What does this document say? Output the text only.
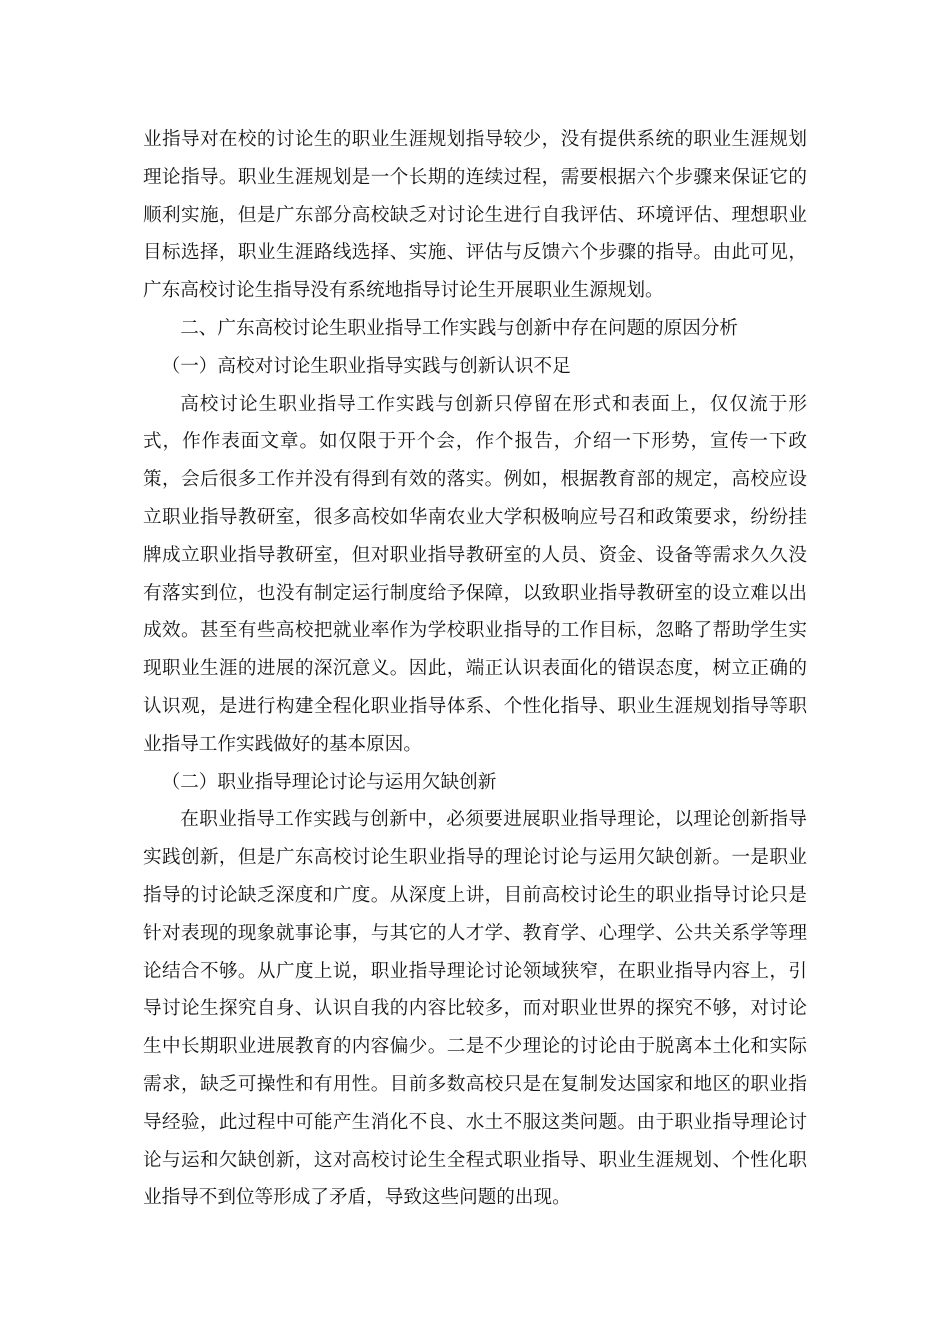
业指导对在校的讨论生的职业生涯规划指导较少，没有提供系统的职业生涯规划理论指导。职业生涯规划是一个长期的连续过程，需要根据六个步骤来保证它的顺利实施，但是广东部分高校缺乏对讨论生进行自我评估、环境评估、理想职业目标选择，职业生涯路线选择、实施、评估与反馈六个步骤的指导。由此可见，广东高校讨论生指导没有系统地指导讨论生开展职业生源规划。

二、广东高校讨论生职业指导工作实践与创新中存在问题的原因分析

（一）高校对讨论生职业指导实践与创新认识不足

高校讨论生职业指导工作实践与创新只停留在形式和表面上，仅仅流于形式，作作表面文章。如仅限于开个会，作个报告，介绍一下形势，宣传一下政策，会后很多工作并没有得到有效的落实。例如，根据教育部的规定，高校应设立职业指导教研室，很多高校如华南农业大学积极响应号召和政策要求，纷纷挂牌成立职业指导教研室，但对职业指导教研室的人员、资金、设备等需求久久没有落实到位，也没有制定运行制度给予保障，以致职业指导教研室的设立难以出成效。甚至有些高校把就业率作为学校职业指导的工作目标，忽略了帮助学生实现职业生涯的进展的深沉意义。因此，端正认识表面化的错误态度，树立正确的认识观，是进行构建全程化职业指导体系、个性化指导、职业生涯规划指导等职业指导工作实践做好的基本原因。

（二）职业指导理论讨论与运用欠缺创新

在职业指导工作实践与创新中，必须要进展职业指导理论，以理论创新指导实践创新，但是广东高校讨论生职业指导的理论讨论与运用欠缺创新。一是职业指导的讨论缺乏深度和广度。从深度上讲，目前高校讨论生的职业指导讨论只是针对表现的现象就事论事，与其它的人才学、教育学、心理学、公共关系学等理论结合不够。从广度上说，职业指导理论讨论领域狭窄，在职业指导内容上，引导讨论生探究自身、认识自我的内容比较多，而对职业世界的探究不够，对讨论生中长期职业进展教育的内容偏少。二是不少理论的讨论由于脱离本土化和实际需求，缺乏可操性和有用性。目前多数高校只是在复制发达国家和地区的职业指导经验，此过程中可能产生消化不良、水土不服这类问题。由于职业指导理论讨论与运和欠缺创新，这对高校讨论生全程式职业指导、职业生涯规划、个性化职业指导不到位等形成了矛盾，导致这些问题的出现。
